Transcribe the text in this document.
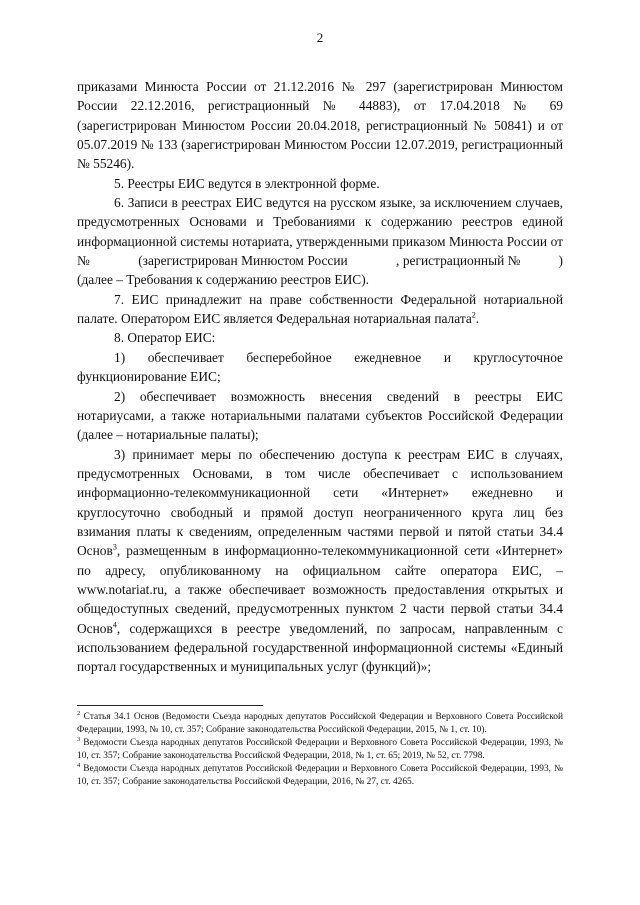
2

приказами Минюста России от 21.12.2016 № 297 (зарегистрирован Минюстом России 22.12.2016, регистрационный № 44883), от 17.04.2018 № 69 (зарегистрирован Минюстом России 20.04.2018, регистрационный № 50841) и от 05.07.2019 № 133 (зарегистрирован Минюстом России 12.07.2019, регистрационный № 55246).

5. Реестры ЕИС ведутся в электронной форме.

6. Записи в реестрах ЕИС ведутся на русском языке, за исключением случаев, предусмотренных Основами и Требованиями к содержанию реестров единой информационной системы нотариата, утвержденными приказом Минюста России от                 №              (зарегистрирован Минюстом России              , регистрационный №           ) (далее – Требования к содержанию реестров ЕИС).

7. ЕИС принадлежит на праве собственности Федеральной нотариальной палате. Оператором ЕИС является Федеральная нотариальная палата$^2$.

8. Оператор ЕИС:

1) обеспечивает бесперебойное ежедневное и круглосуточное функционирование ЕИС;

2) обеспечивает возможность внесения сведений в реестры ЕИС нотариусами, а также нотариальными палатами субъектов Российской Федерации (далее – нотариальные палаты);

3) принимает меры по обеспечению доступа к реестрам ЕИС в случаях, предусмотренных Основами, в том числе обеспечивает с использованием информационно-телекоммуникационной сети «Интернет» ежедневно и круглосуточно свободный и прямой доступ неограниченного круга лиц без взимания платы к сведениям, определенным частями первой и пятой статьи 34.4 Основ$^3$, размещенным в информационно-телекоммуникационной сети «Интернет» по адресу, опубликованному на официальном сайте оператора ЕИС, – www.notariat.ru, а также обеспечивает возможность предоставления открытых и общедоступных сведений, предусмотренных пунктом 2 части первой статьи 34.4 Основ$^4$, содержащихся в реестре уведомлений, по запросам, направленным с использованием федеральной государственной информационной системы «Единый портал государственных и муниципальных услуг (функций)»;

$^2$ Статья 34.1 Основ (Ведомости Съезда народных депутатов Российской Федерации и Верховного Совета Российской Федерации, 1993, № 10, ст. 357; Собрание законодательства Российской Федерации, 2015, № 1, ст. 10).

$^3$ Ведомости Съезда народных депутатов Российской Федерации и Верховного Совета Российской Федерации, 1993, № 10, ст. 357; Собрание законодательства Российской Федерации, 2018, № 1, ст. 65; 2019, № 52, ст. 7798.

$^4$ Ведомости Съезда народных депутатов Российской Федерации и Верховного Совета Российской Федерации, 1993, № 10, ст. 357; Собрание законодательства Российской Федерации, 2016, № 27, ст. 4265.
